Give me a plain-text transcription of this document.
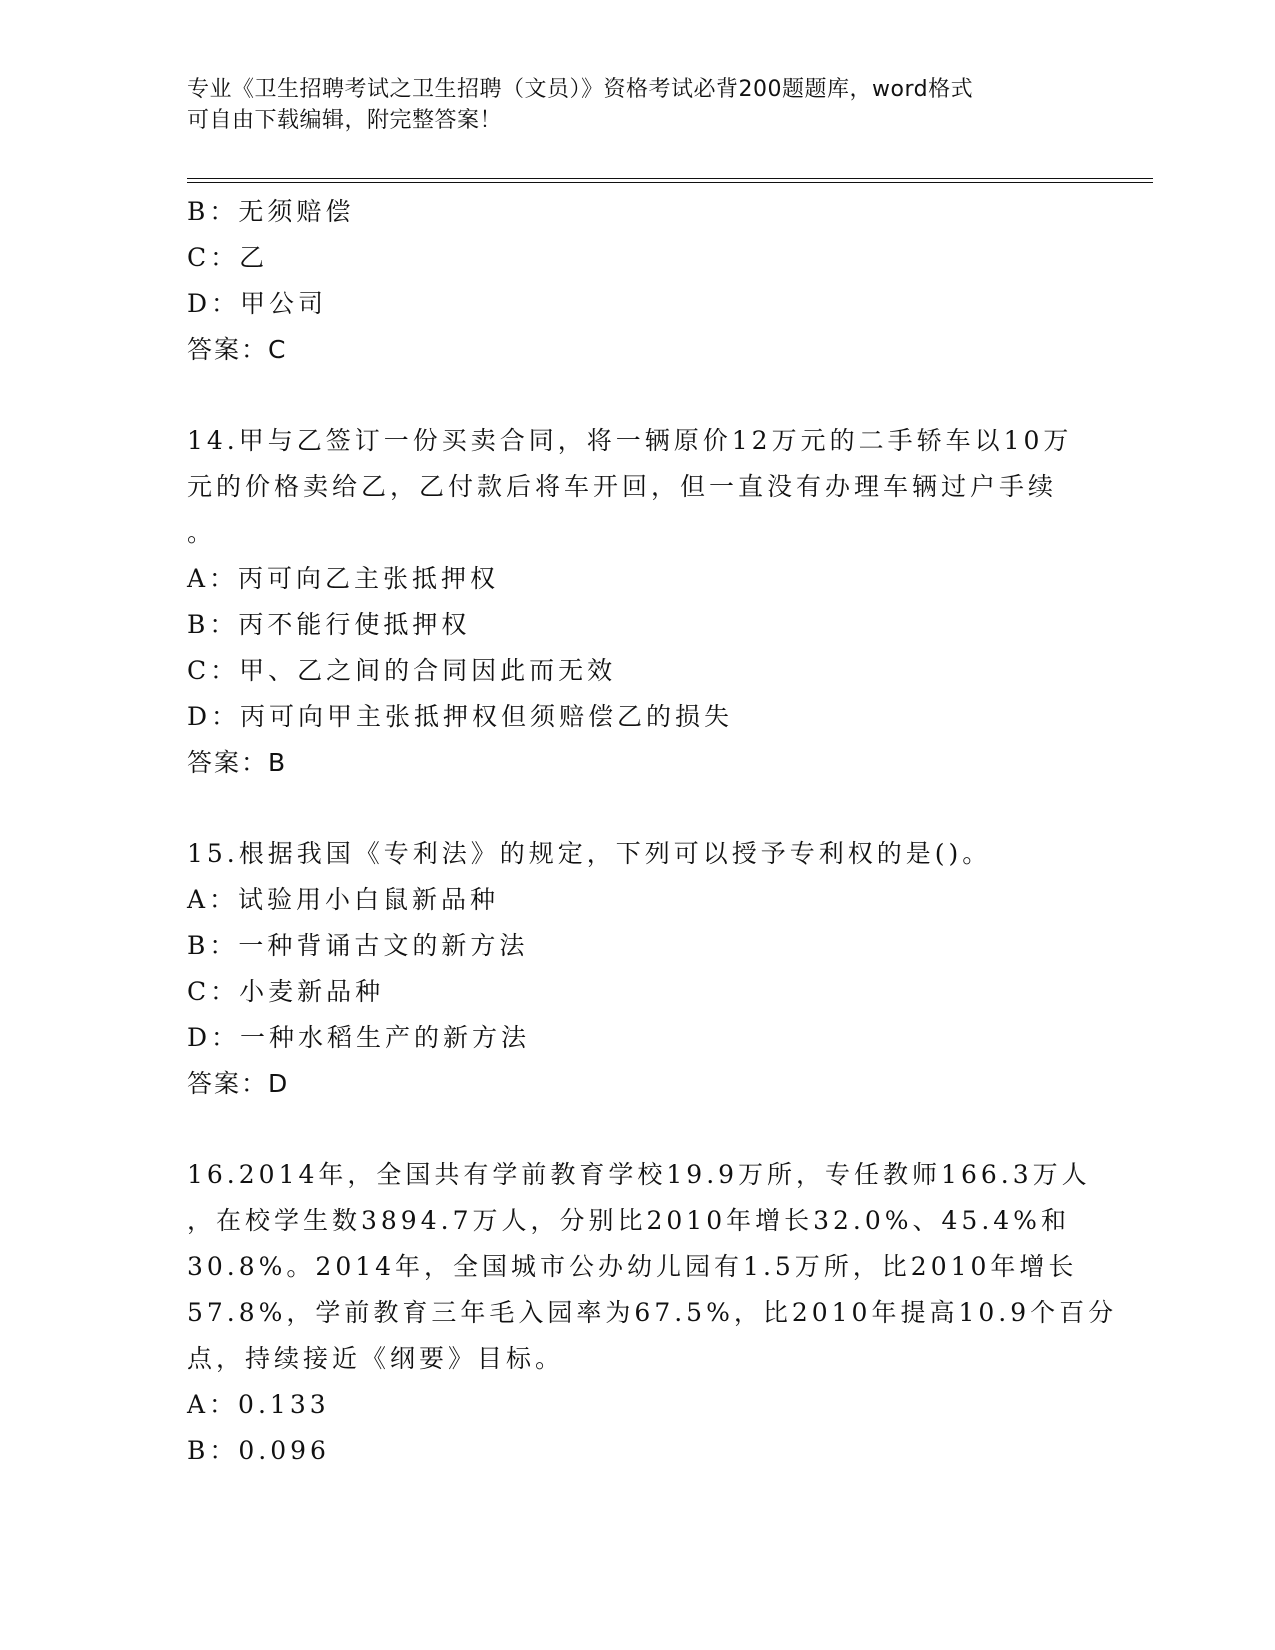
专业《卫生招聘考试之卫生招聘（文员）》资格考试必背200题题库，word格式
可自由下载编辑，附完整答案！
B：无须赔偿
C：乙
D：甲公司
答案：C
14.甲与乙签订一份买卖合同，将一辆原价12万元的二手轿车以10万
元的价格卖给乙，乙付款后将车开回，但一直没有办理车辆过户手续
。
A：丙可向乙主张抵押权
B：丙不能行使抵押权
C：甲、乙之间的合同因此而无效
D：丙可向甲主张抵押权但须赔偿乙的损失
答案：B
15.根据我国《专利法》的规定，下列可以授予专利权的是()。
A：试验用小白鼠新品种
B：一种背诵古文的新方法
C：小麦新品种
D：一种水稻生产的新方法
答案：D
16.2014年，全国共有学前教育学校19.9万所，专任教师166.3万人
，在校学生数3894.7万人，分别比2010年增长32.0%、45.4%和
30.8%。2014年，全国城市公办幼儿园有1.5万所，比2010年增长
57.8%，学前教育三年毛入园率为67.5%，比2010年提高10.9个百分
点，持续接近《纲要》目标。
A：0.133
B：0.096
